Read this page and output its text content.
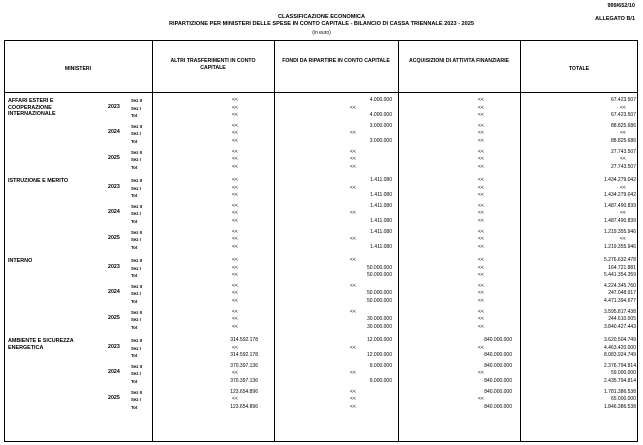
999/652/10
CLASSIFICAZIONE ECONOMICA	ALLEGATO B/1
RIPARTIZIONE PER MINISTERI DELLE SPESE IN CONTO CAPITALE - BILANCIO DI CASSA TRIENNALE 2023 - 2025
(in euro)
MINISTERI
ALTRI TRASFERIMENTI IN CONTO CAPITALE
FONDI DA RIPARTIRE IN CONTO CAPITALE	ACQUISIZIONI DI ATTIVITA FINANZIARIE
TOTALE
AFFARI ESTERI E COOPERAZIONE INTERNAZIONALE
2023
Sez II	<<	4.000.000	<<	67.423.507
Sez I	<<	<<	<<	<<
Tot	<<	4.000.000	<<	67.423.507
2024
Sez II	<<	3.000.000	<<	88.825.686
Sez I	<<	<<	<<	<<
Tot	<<	3.000.000	<<	88.825.686
2025
Sez II	<<	<<	<<	27.743.507
Sez I	<<	<<	<<	<<
Tot	<<	<<	<<	27.743.507
ISTRUZIONE E MERITO
2023
Sez II	<<	1.411.080	<<	1.434.279.042
Sez I	<<	<<	<<	<<
Tot	<<	1.411.080	<<	1.434.279.042
2024
Sez II	<<	1.411.080	<<	1.487.490.839
Sez I	<<	<<	<<	<<
Tot	<<	1.411.080	<<	1.487.490.839
2025
Sez II	<<	1.411.080	<<	1.219.355.946
Sez I	<<	<<	<<	<<
Tot	<<	1.411.080	<<	1.219.355.946
INTERNO
2023
Sez II	<<	<<	<<	5.276.632.478
Sez I	<<	50.000.000	<<	164.721.881
Tot	<<	50.000.000	<<	5.441.354.359
2024
Sez II	<<	<<	<<	4.224.345.760
Sez I	<<	50.000.000	<<	247.048.917
Tot	<<	50.000.000	<<	4.471.394.677
2025
Sez II	<<	<<	<<	3.595.817.438
Sez I	<<	30.000.000	<<	244.610.005
Tot	<<	30.000.000	<<	3.840.427.443
AMBIENTE E SICUREZZA ENERGETICA	2023
Sez II	314.592.178	12.000.000	840.000.000	3.620.504.749
Sez I	<<	<<	<<	4.463.420.000
Tot	314.592.178	12.000.000	840.000.000	8.083.924.749
2024
Sez II	370.397.136	9.000.000	840.000.000	2.376.794.814
Sez I	<<	<<	<<	59.000.000
Tot	370.397.136	9.000.000	840.000.000	2.435.794.814
2025
Sez II	123.654.896	<<	840.000.000	1.781.386.538
Sez I	<<	<<	<<	65.000.000
Tot	123.654.896	<<	840.000.000	1.846.386.538
